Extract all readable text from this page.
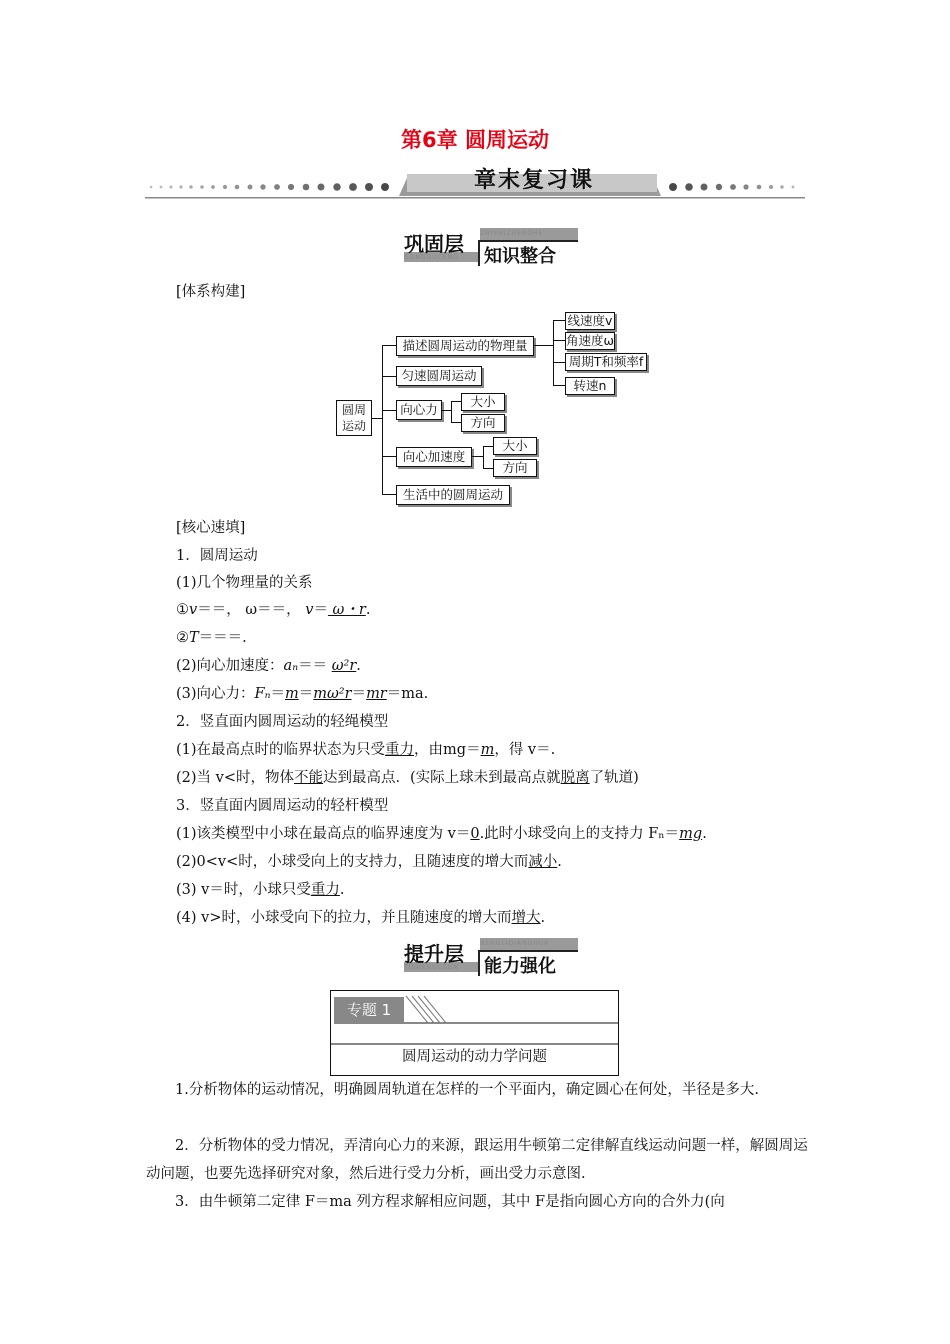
第6章 圆周运动
章末复习课
巩固层	ZHISHIZHENGHE
GONGGUCENG 知识整合
[体系构建]
圆周
运动
描述圆周运动的物理量
线速度v
角速度ω
周期T和频率f
转速n
匀速圆周运动
向心力
大小
方向
向心加速度
大小
方向
生活中的圆周运动
[核心速填]
1．圆周运动
(1)几个物理量的关系
①v＝＝， ω＝＝， v＝ ω・r.
②T＝＝＝.
(2)向心加速度：aₙ＝＝ ω²r.
(3)向心力：Fₙ＝m＝mω²r＝mr＝ma.
2．竖直面内圆周运动的轻绳模型
(1)在最高点时的临界状态为只受重力，由mg＝m，得 v＝.
(2)当 v<时，物体不能达到最高点．(实际上球未到最高点就脱离了轨道)
3．竖直面内圆周运动的轻杆模型
(1)该类模型中小球在最高点的临界速度为 v＝0.此时小球受向上的支持力 Fₙ＝mg.
(2)0<v<时，小球受向上的支持力，且随速度的增大而减小.
(3) v＝时，小球只受重力.
(4) v>时，小球受向下的拉力，并且随速度的增大而增大.
提升层	NENGLIQIANGHUA
TISHENGCEGN 能力强化
专题 1
圆周运动的动力学问题
1.分析物体的运动情况，明确圆周轨道在怎样的一个平面内，确定圆心在何处，半径是多大.
2．分析物体的受力情况，弄清向心力的来源，跟运用牛顿第二定律解直线运动问题一样，解圆周运动问题，也要先选择研究对象，然后进行受力分析，画出受力示意图.
3．由牛顿第二定律 F＝ma 列方程求解相应问题，其中 F是指向圆心方向的合外力(向
